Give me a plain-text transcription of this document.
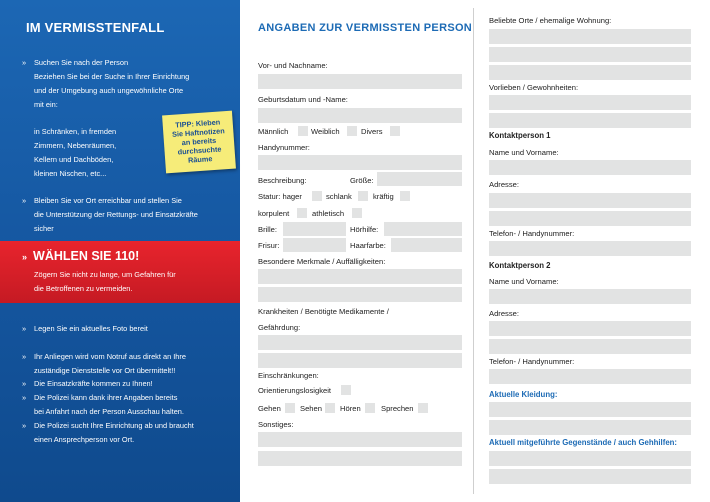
IM VERMISSTENFALL
» Suchen Sie nach der Person
Beziehen Sie bei der Suche in Ihrer Einrichtung
und der Umgebung auch ungewöhnliche Orte
mit ein:
in Schränken, in fremden
Zimmern, Nebenräumen,
Kellern und Dachböden,
kleinen Nischen, etc...
» Bleiben Sie vor Ort erreichbar und stellen Sie
die Unterstützung der Rettungs- und Einsatzkräfte
sicher
» WÄHLEN SIE 110!
Zögern Sie nicht zu lange, um Gefahren für
die Betroffenen zu vermeiden.
» Legen Sie ein aktuelles Foto bereit
» Ihr Anliegen wird vom Notruf aus direkt an Ihre
zuständige Dienststelle vor Ort übermittelt!!
» Die Einsatzkräfte kommen zu Ihnen!
» Die Polizei kann dank ihrer Angaben bereits
bei Anfahrt nach der Person Ausschau halten.
» Die Polizei sucht Ihre Einrichtung ab und braucht
einen Ansprechperson vor Ort.
TIPP: Kleben
Sie Haftnotizen
an bereits
durchsuchte
Räume
ANGABEN ZUR VERMISSTEN PERSON
Vor- und Nachname:
Geburtsdatum und -Name:
Männlich	Weiblich	Divers
Handynummer:
Beschreibung:	Größe:
Statur: hager	schlank	kräftig
korpulent	athletisch
Brille:	Hörhilfe:
Frisur:	Haarfarbe:
Besondere Merkmale / Auffälligkeiten:
Krankheiten / Benötigte Medikamente /
Gefährdung:
Einschränkungen:
Orientierungslosigkeit
Gehen	Sehen Hören	Sprechen
Sonstiges:
Beliebte Orte / ehemalige Wohnung:
Vorlieben / Gewohnheiten:
Kontaktperson 1
Name und Vorname:
Adresse:
Telefon- / Handynummer:
Kontaktperson 2
Name und Vorname:
Adresse:
Telefon- / Handynummer:
Aktuelle Kleidung:
Aktuell mitgeführte Gegenstände / auch Gehhilfen:
